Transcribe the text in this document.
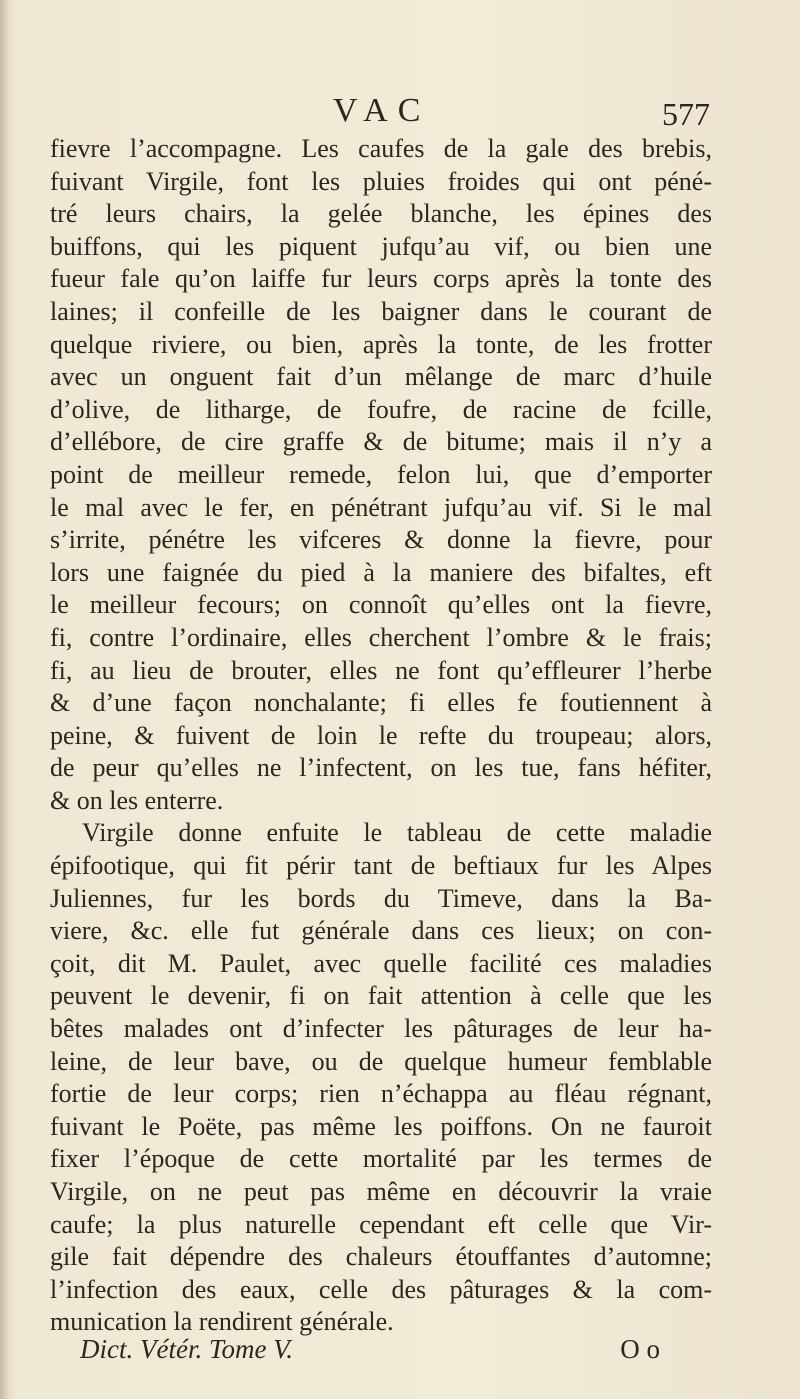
VAC	577
fievre l’accompagne. Les caufes de la gale des brebis,
fuivant Virgile, font les pluies froides qui ont péné-
tré leurs chairs, la gelée blanche, les épines des
buiffons, qui les piquent jufqu’au vif, ou bien une
fueur fale qu’on laiffe fur leurs corps après la tonte des
laines; il confeille de les baigner dans le courant de
quelque riviere, ou bien, après la tonte, de les frotter
avec un onguent fait d’un mêlange de marc d’huile
d’olive, de litharge, de foufre, de racine de fcille,
d’ellébore, de cire graffe & de bitume; mais il n’y a
point de meilleur remede, felon lui, que d’emporter
le mal avec le fer, en pénétrant jufqu’au vif. Si le mal
s’irrite, pénétre les vifceres & donne la fievre, pour
lors une faignée du pied à la maniere des bifaltes, eft
le meilleur fecours; on connoît qu’elles ont la fievre,
fi, contre l’ordinaire, elles cherchent l’ombre & le frais;
fi, au lieu de brouter, elles ne font qu’effleurer l’herbe
& d’une façon nonchalante; fi elles fe foutiennent à
peine, & fuivent de loin le refte du troupeau; alors,
de peur qu’elles ne l’infectent, on les tue, fans héfiter,
& on les enterre.
Virgile donne enfuite le tableau de cette maladie
épifootique, qui fit périr tant de beftiaux fur les Alpes
Juliennes, fur les bords du Timeve, dans la Ba-
viere, &c. elle fut générale dans ces lieux; on con-
çoit, dit M. Paulet, avec quelle facilité ces maladies
peuvent le devenir, fi on fait attention à celle que les
bêtes malades ont d’infecter les pâturages de leur ha-
leine, de leur bave, ou de quelque humeur femblable
fortie de leur corps; rien n’échappa au fléau régnant,
fuivant le Poëte, pas même les poiffons. On ne fauroit
fixer l’époque de cette mortalité par les termes de
Virgile, on ne peut pas même en découvrir la vraie
caufe; la plus naturelle cependant eft celle que Vir-
gile fait dépendre des chaleurs étouffantes d’automne;
l’infection des eaux, celle des pâturages & la com-
munication la rendirent générale.
Dict. Vétér. Tome V.	O o
